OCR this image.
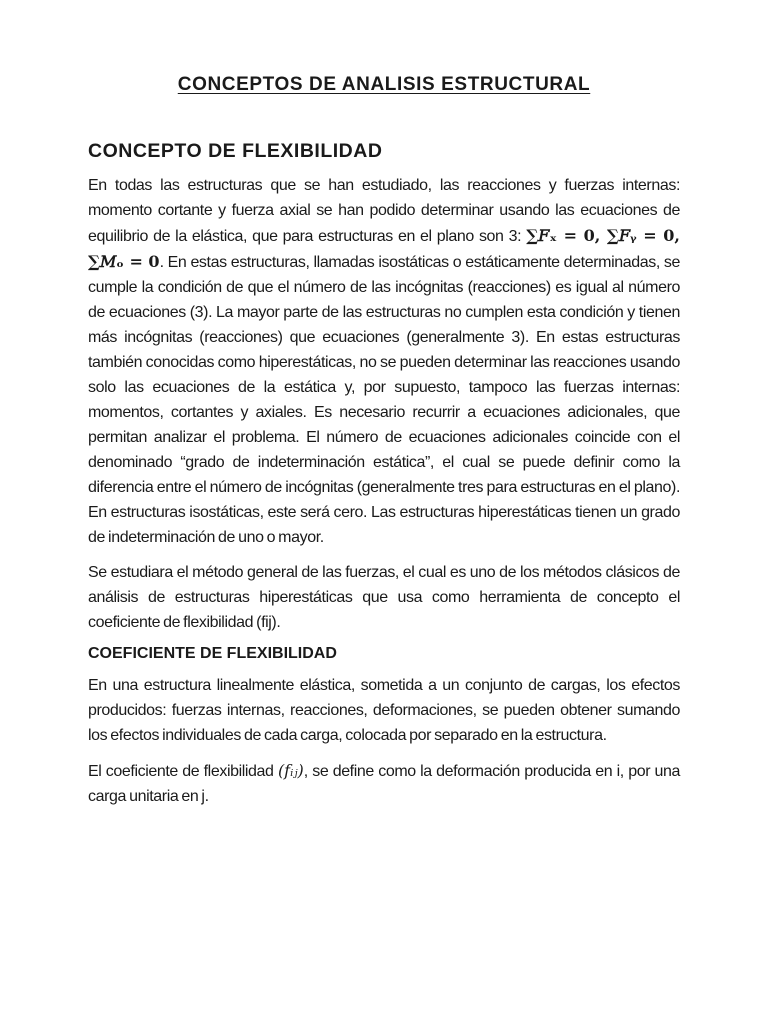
CONCEPTOS DE ANALISIS ESTRUCTURAL
CONCEPTO DE FLEXIBILIDAD

En todas las estructuras que se han estudiado, las reacciones y fuerzas internas: momento cortante y fuerza axial se han podido determinar usando las ecuaciones de equilibrio de la elástica, que para estructuras en el plano son 3: ∑𝐹ₓ = 0, ∑𝐹ᵧ = 0, ∑𝑀ₒ = 𝟎. En estas estructuras, llamadas isostáticas o estáticamente determinadas, se cumple la condición de que el número de las incógnitas (reacciones) es igual al número de ecuaciones (3). La mayor parte de las estructuras no cumplen esta condición y tienen más incógnitas (reacciones) que ecuaciones (generalmente 3). En estas estructuras también conocidas como hiperestáticas, no se pueden determinar las reacciones usando solo las ecuaciones de la estática y, por supuesto, tampoco las fuerzas internas: momentos, cortantes y axiales. Es necesario recurrir a ecuaciones adicionales, que permitan analizar el problema. El número de ecuaciones adicionales coincide con el denominado “grado de indeterminación estática”, el cual se puede definir como la diferencia entre el número de incógnitas (generalmente tres para estructuras en el plano). En estructuras isostáticas, este será cero. Las estructuras hiperestáticas tienen un grado de indeterminación de uno o mayor.

Se estudiara el método general de las fuerzas, el cual es uno de los métodos clásicos de análisis de estructuras hiperestáticas que usa como herramienta de concepto el coeficiente de flexibilidad (fij).

COEFICIENTE DE FLEXIBILIDAD

En una estructura linealmente elástica, sometida a un conjunto de cargas, los efectos producidos: fuerzas internas, reacciones, deformaciones, se pueden obtener sumando los efectos individuales de cada carga, colocada por separado en la estructura.

El coeficiente de flexibilidad (𝑓ᵢⱼ), se define como la deformación producida en i, por una carga unitaria en j.
